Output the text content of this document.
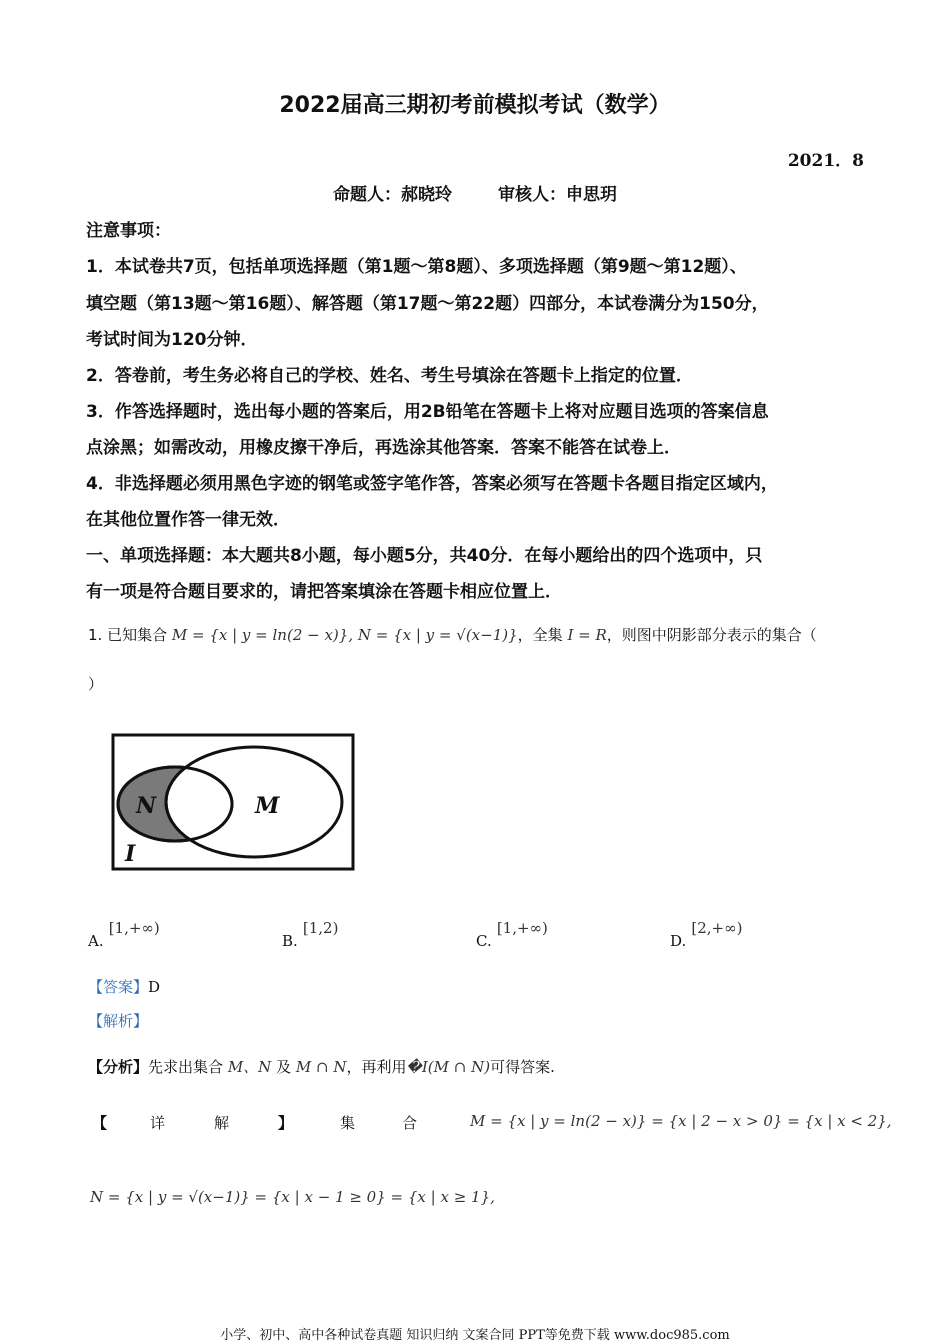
2022届高三期初考前模拟考试（数学）
2021．8
命题人：郝晓玲	审核人：申思玥
注意事项：
1．本试卷共7页，包括单项选择题（第1题～第8题）、多项选择题（第9题～第12题）、
填空题（第13题～第16题）、解答题（第17题～第22题）四部分，本试卷满分为150分，
考试时间为120分钟．
2．答卷前，考生务必将自己的学校、姓名、考生号填涂在答题卡上指定的位置．
3．作答选择题时，选出每小题的答案后，用2B铅笔在答题卡上将对应题目选项的答案信息
点涂黑；如需改动，用橡皮擦干净后，再选涂其他答案．答案不能答在试卷上．
4．非选择题必须用黑色字迹的钢笔或签字笔作答，答案必须写在答题卡各题目指定区域内，
在其他位置作答一律无效．
一、单项选择题：本大题共8小题，每小题5分，共40分．在每小题给出的四个选项中，只
有一项是符合题目要求的，请把答案填涂在答题卡相应位置上．
1. 已知集合 M = {x | y = ln(2 − x)}, N = {x | y = √(x−1)}，全集 I = R，则图中阴影部分表示的集合（
）
N	M
I
A. [1,+∞)
B. [1,2)
C. [1,+∞)
D. [2,+∞)
【答案】D
【解析】
【分析】先求出集合 M、N 及 M ∩ N，再利用�I(M ∩ N)可得答案.
【	详	解	】	集	合	M = {x | y = ln(2 − x)} = {x | 2 − x > 0} = {x | x < 2},
N = {x | y = √(x−1)} = {x | x − 1 ≥ 0} = {x | x ≥ 1},
小学、初中、高中各种试卷真题 知识归纳 文案合同 PPT等免费下载 www.doc985.com
